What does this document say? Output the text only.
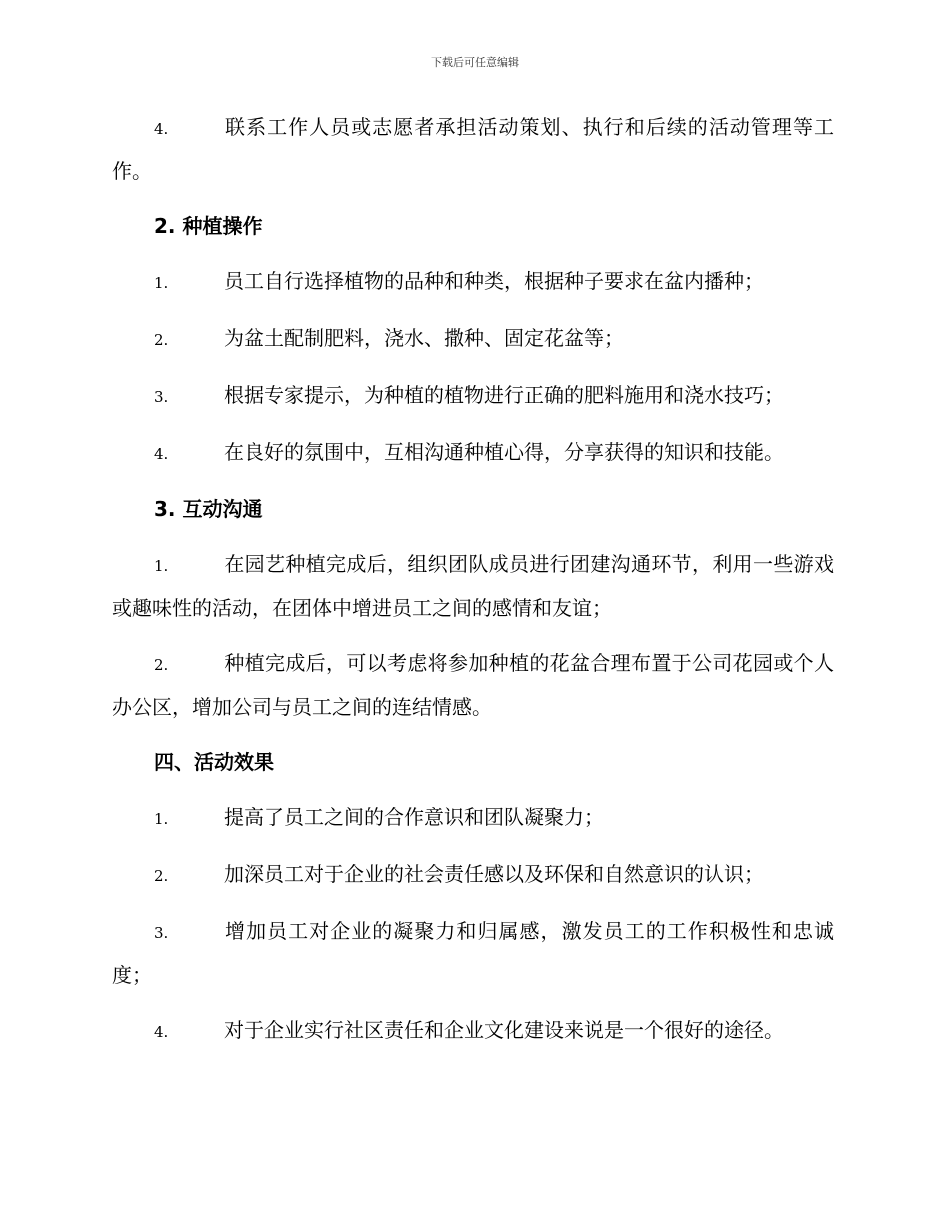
下载后可任意编辑

4.	联系工作人员或志愿者承担活动策划、执行和后续的活动管理等工作。

2. 种植操作

1.	员工自行选择植物的品种和种类，根据种子要求在盆内播种；

2.	为盆土配制肥料，浇水、撒种、固定花盆等；

3.	根据专家提示，为种植的植物进行正确的肥料施用和浇水技巧；

4.	在良好的氛围中，互相沟通种植心得，分享获得的知识和技能。

3. 互动沟通

1.	在园艺种植完成后，组织团队成员进行团建沟通环节，利用一些游戏或趣味性的活动，在团体中增进员工之间的感情和友谊；

2.	种植完成后，可以考虑将参加种植的花盆合理布置于公司花园或个人办公区，增加公司与员工之间的连结情感。

四、活动效果

1.	提高了员工之间的合作意识和团队凝聚力；

2.	加深员工对于企业的社会责任感以及环保和自然意识的认识；

3.	增加员工对企业的凝聚力和归属感，激发员工的工作积极性和忠诚度；

4.	对于企业实行社区责任和企业文化建设来说是一个很好的途径。
